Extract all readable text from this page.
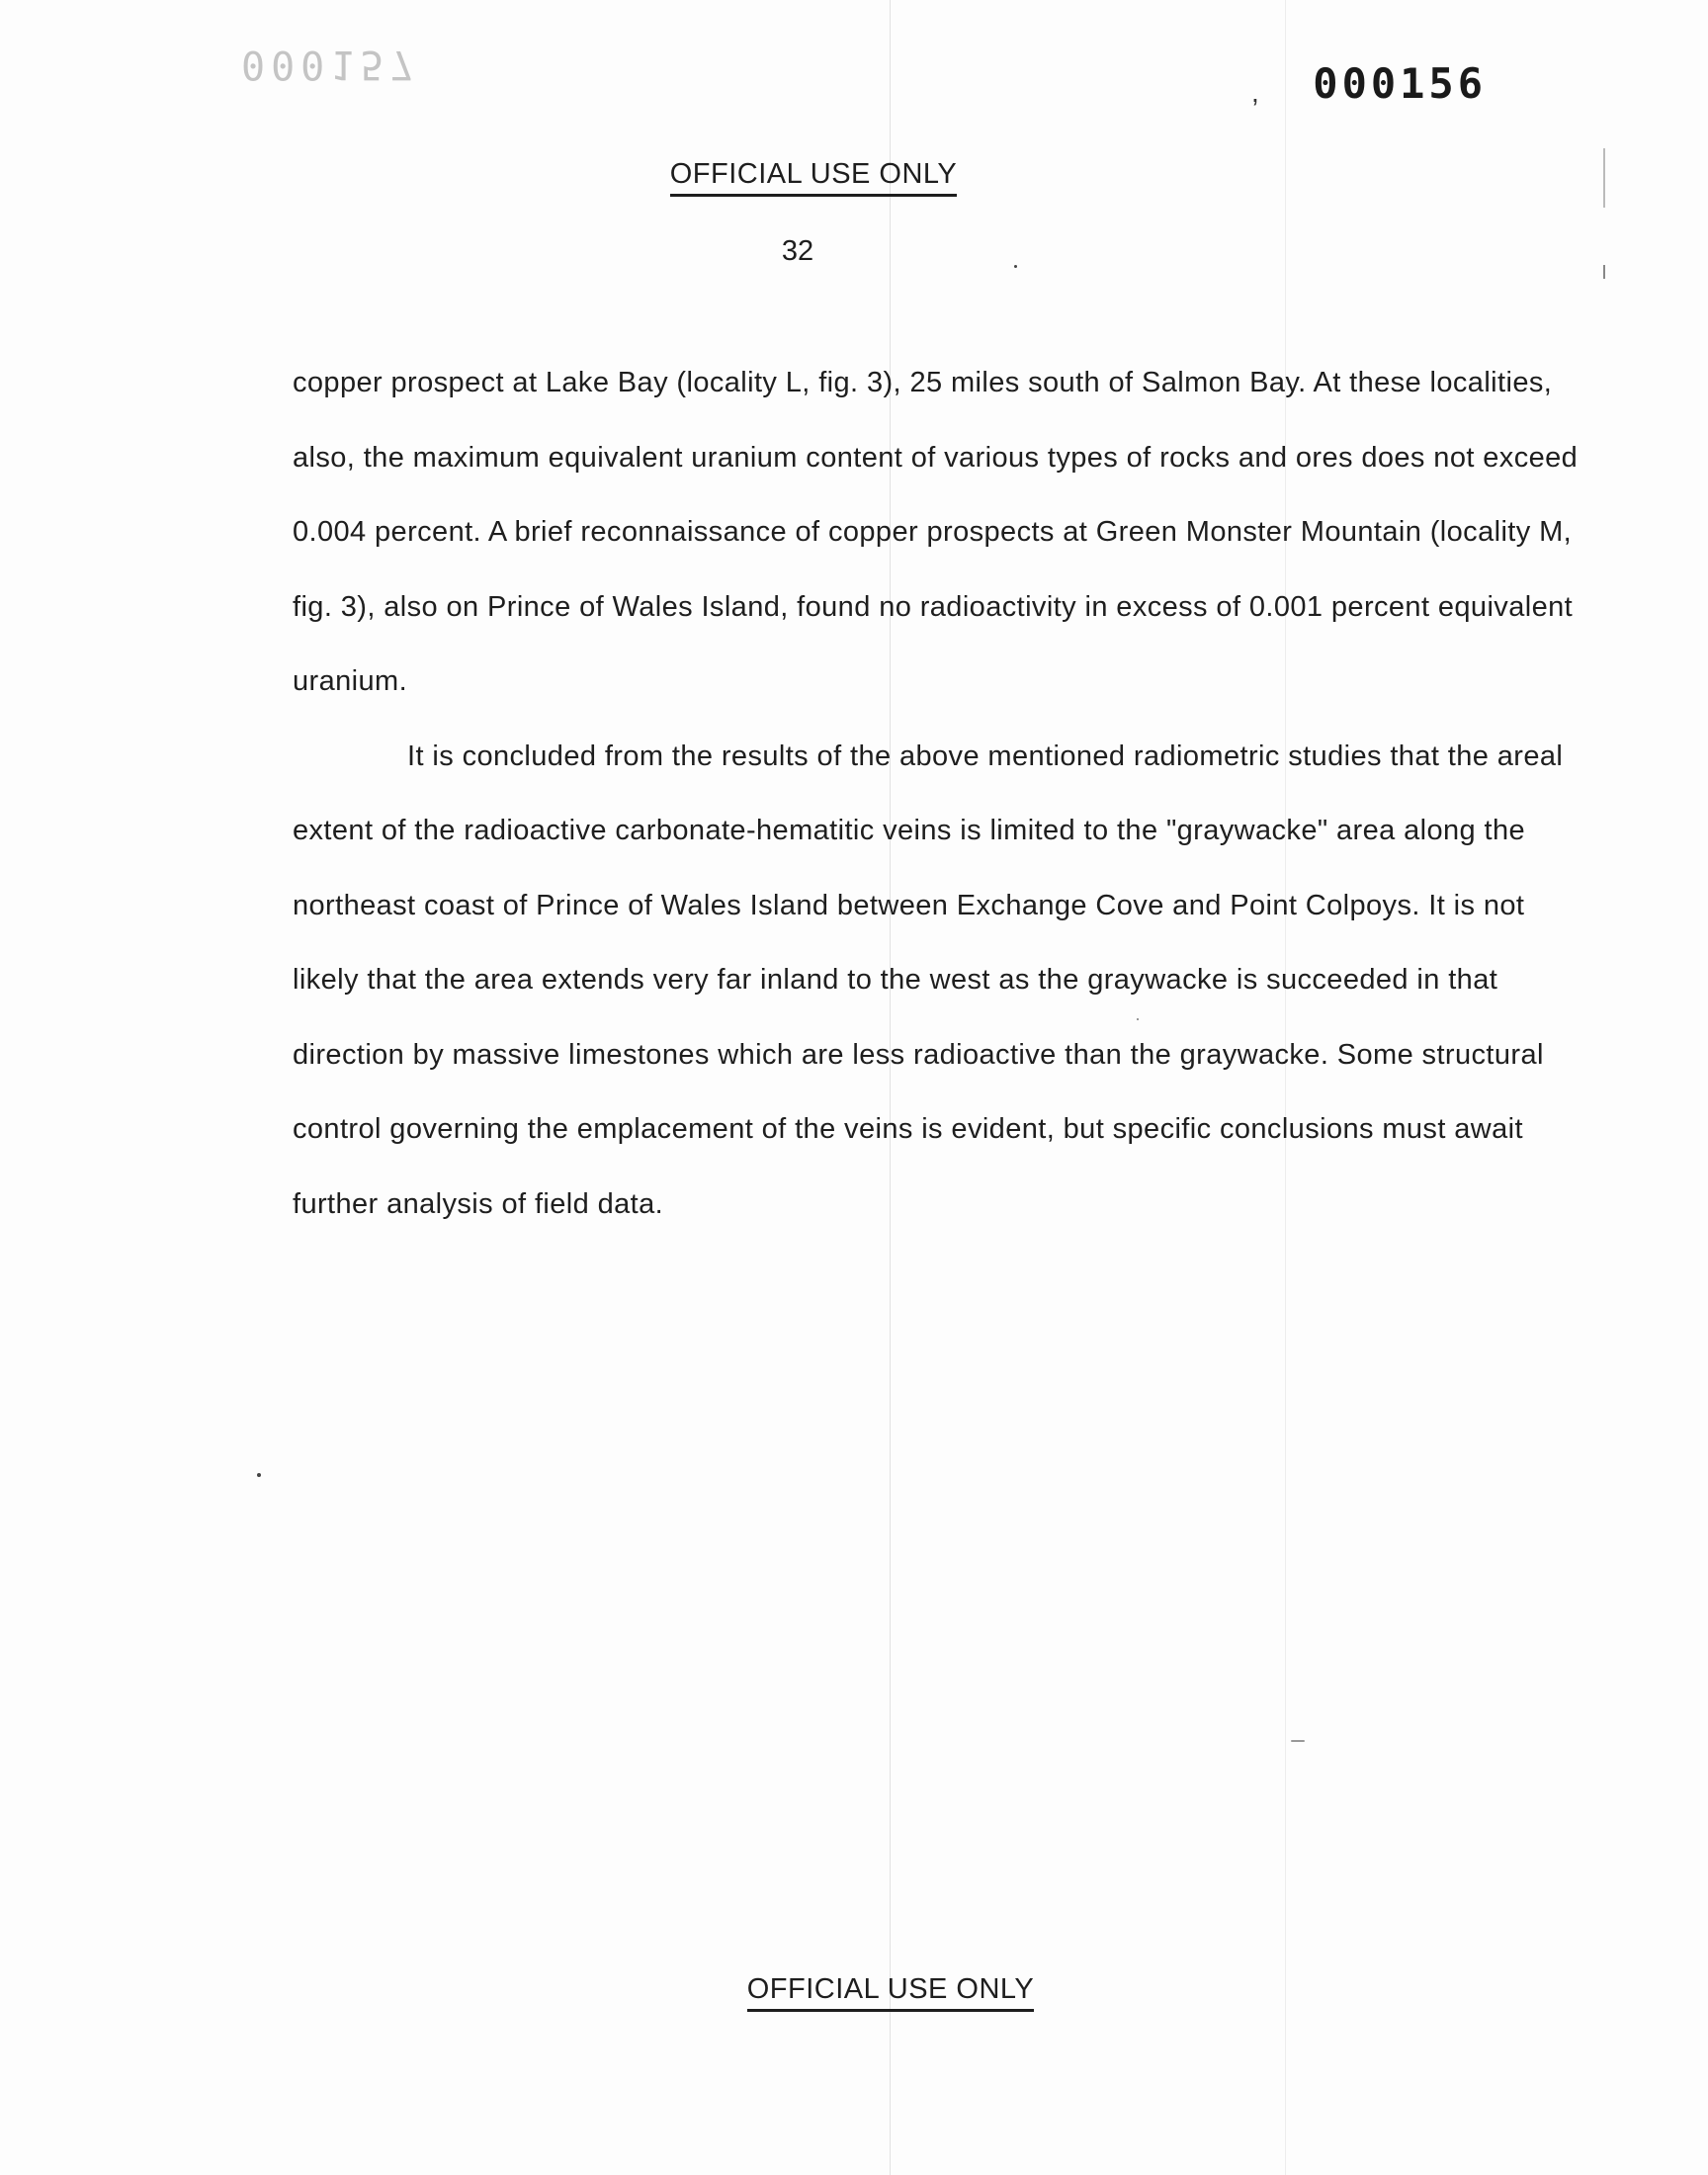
000157
, 000156
OFFICIAL USE ONLY
32

copper prospect at Lake Bay (locality L, fig. 3), 25 miles south of Salmon Bay. At these localities, also, the maximum equivalent uranium content of various types of rocks and ores does not exceed 0.004 percent. A brief reconnaissance of copper prospects at Green Monster Mountain (locality M, fig. 3), also on Prince of Wales Island, found no radioactivity in excess of 0.001 percent equivalent uranium.

It is concluded from the results of the above mentioned radiometric studies that the areal extent of the radioactive carbonate-hematitic veins is limited to the "graywacke" area along the northeast coast of Prince of Wales Island between Exchange Cove and Point Colpoys. It is not likely that the area extends very far inland to the west as the graywacke is succeeded in that direction by massive limestones which are less radioactive than the graywacke. Some structural control governing the emplacement of the veins is evident, but specific conclusions must await further analysis of field data.

OFFICIAL USE ONLY
